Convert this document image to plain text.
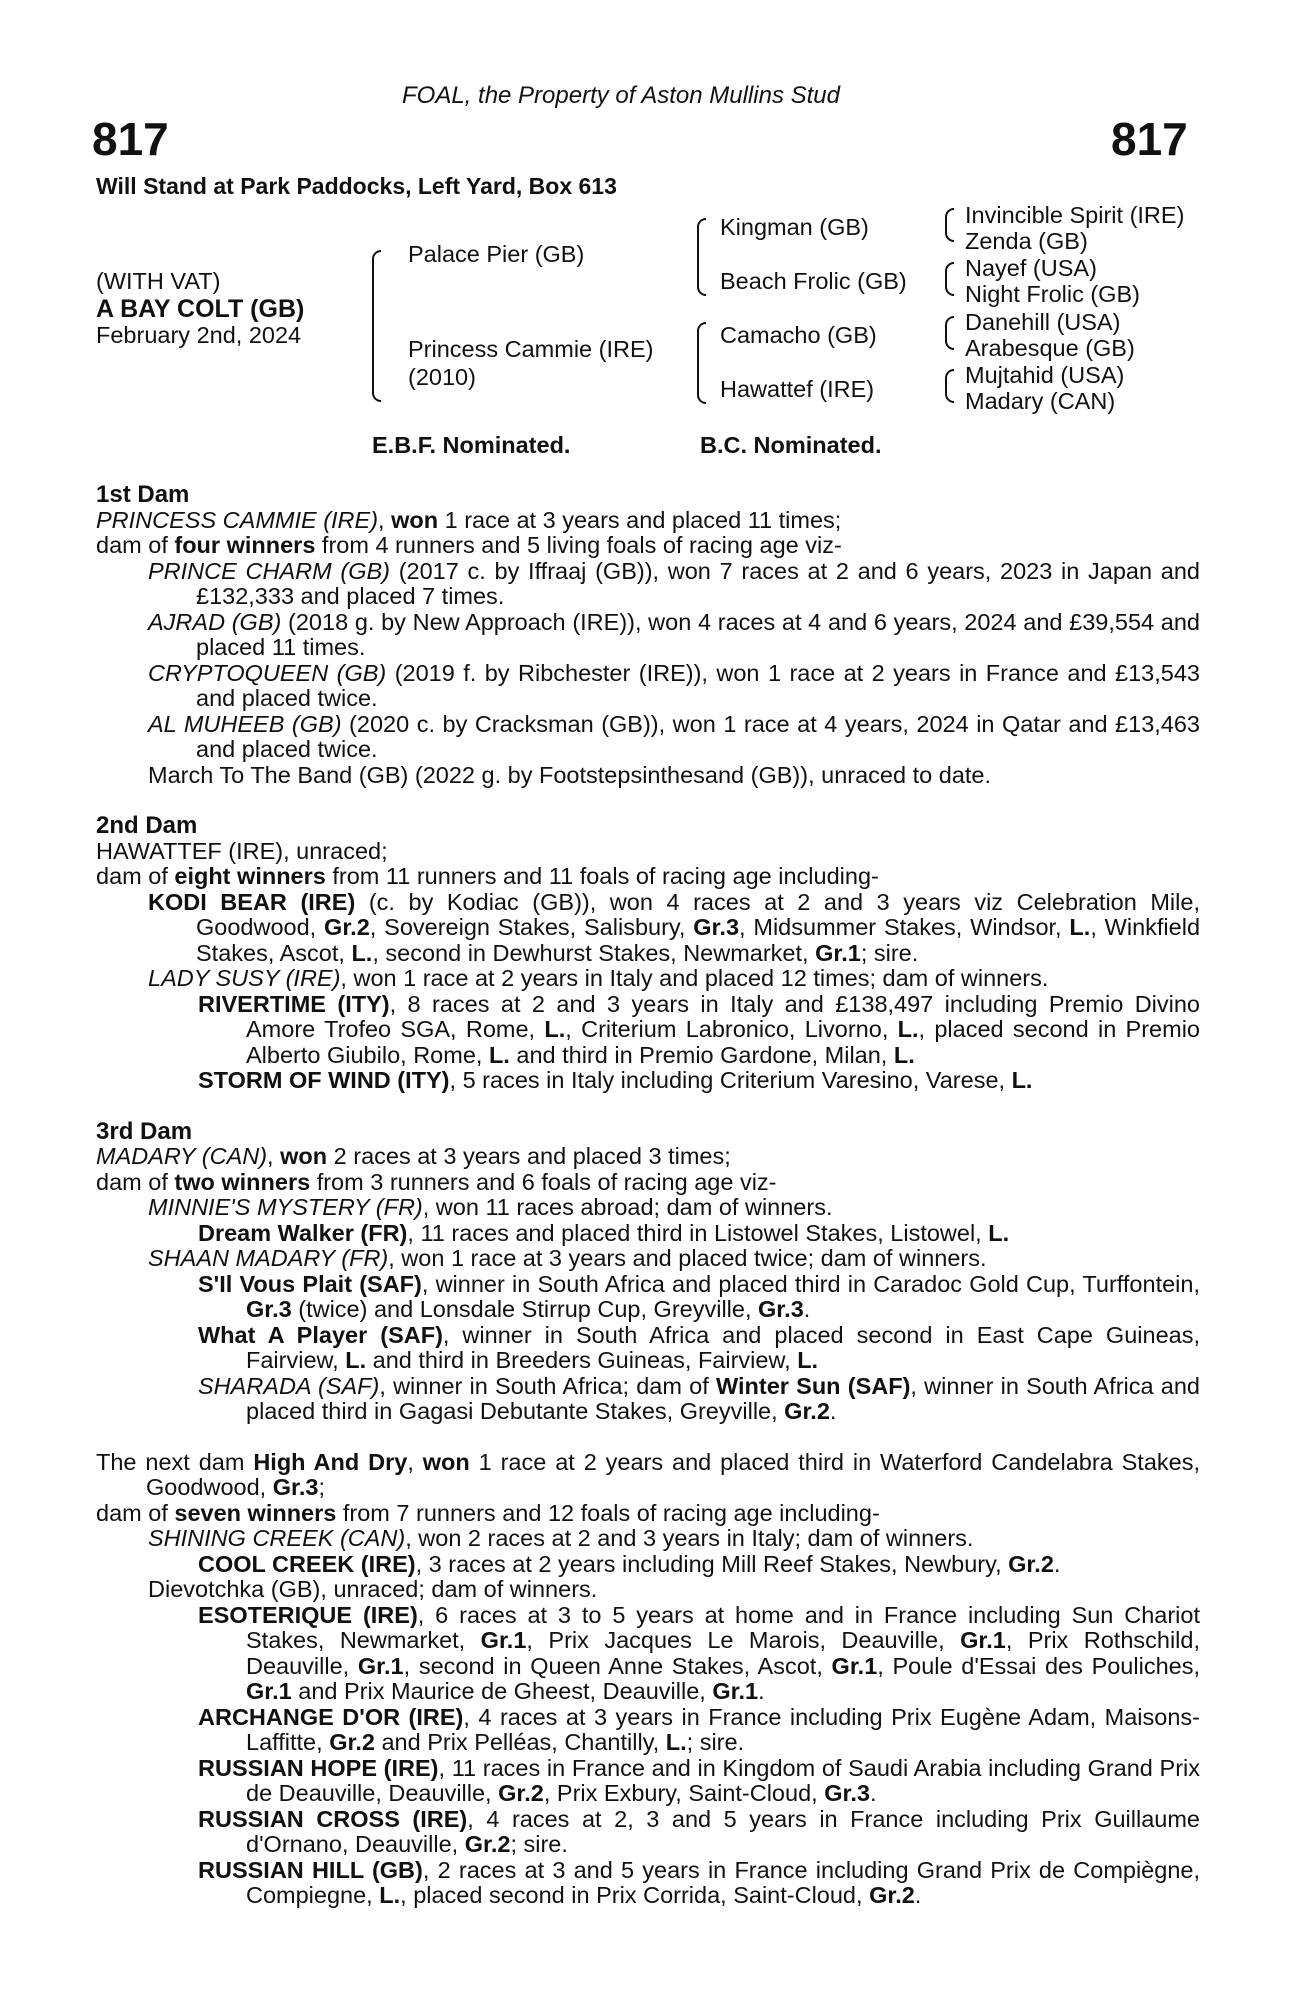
FOAL, the Property of Aston Mullins Stud
817	817
Will Stand at Park Paddocks, Left Yard, Box 613
(WITH VAT)
A BAY COLT (GB)
February 2nd, 2024
Palace Pier (GB)
Princess Cammie (IRE)
(2010)
Kingman (GB)
Beach Frolic (GB)
Camacho (GB)
Hawattef (IRE)
Invincible Spirit (IRE)
Zenda (GB)
Nayef (USA)
Night Frolic (GB)
Danehill (USA)
Arabesque (GB)
Mujtahid (USA)
Madary (CAN)
E.B.F. Nominated.	B.C. Nominated.

1st Dam

PRINCESS CAMMIE (IRE), won 1 race at 3 years and placed 11 times;

dam of four winners from 4 runners and 5 living foals of racing age viz-

PRINCE CHARM (GB) (2017 c. by Iffraaj (GB)), won 7 races at 2 and 6 years, 2023 in Japan and £132,333 and placed 7 times.

AJRAD (GB) (2018 g. by New Approach (IRE)), won 4 races at 4 and 6 years, 2024 and £39,554 and placed 11 times.

CRYPTOQUEEN (GB) (2019 f. by Ribchester (IRE)), won 1 race at 2 years in France and £13,543 and placed twice.

AL MUHEEB (GB) (2020 c. by Cracksman (GB)), won 1 race at 4 years, 2024 in Qatar and £13,463 and placed twice.

March To The Band (GB) (2022 g. by Footstepsinthesand (GB)), unraced to date.

2nd Dam

HAWATTEF (IRE), unraced;

dam of eight winners from 11 runners and 11 foals of racing age including-

KODI BEAR (IRE) (c. by Kodiac (GB)), won 4 races at 2 and 3 years viz Celebration Mile, Goodwood, Gr.2, Sovereign Stakes, Salisbury, Gr.3, Midsummer Stakes, Windsor, L., Winkfield Stakes, Ascot, L., second in Dewhurst Stakes, Newmarket, Gr.1; sire.

LADY SUSY (IRE), won 1 race at 2 years in Italy and placed 12 times; dam of winners.

RIVERTIME (ITY), 8 races at 2 and 3 years in Italy and £138,497 including Premio Divino Amore Trofeo SGA, Rome, L., Criterium Labronico, Livorno, L., placed second in Premio Alberto Giubilo, Rome, L. and third in Premio Gardone, Milan, L.

STORM OF WIND (ITY), 5 races in Italy including Criterium Varesino, Varese, L.

3rd Dam

MADARY (CAN), won 2 races at 3 years and placed 3 times;

dam of two winners from 3 runners and 6 foals of racing age viz-

MINNIE'S MYSTERY (FR), won 11 races abroad; dam of winners.

Dream Walker (FR), 11 races and placed third in Listowel Stakes, Listowel, L.

SHAAN MADARY (FR), won 1 race at 3 years and placed twice; dam of winners.

S'Il Vous Plait (SAF), winner in South Africa and placed third in Caradoc Gold Cup, Turffontein, Gr.3 (twice) and Lonsdale Stirrup Cup, Greyville, Gr.3.

What A Player (SAF), winner in South Africa and placed second in East Cape Guineas, Fairview, L. and third in Breeders Guineas, Fairview, L.

SHARADA (SAF), winner in South Africa; dam of Winter Sun (SAF), winner in South Africa and placed third in Gagasi Debutante Stakes, Greyville, Gr.2.

The next dam High And Dry, won 1 race at 2 years and placed third in Waterford Candelabra Stakes, Goodwood, Gr.3;

dam of seven winners from 7 runners and 12 foals of racing age including-

SHINING CREEK (CAN), won 2 races at 2 and 3 years in Italy; dam of winners.

COOL CREEK (IRE), 3 races at 2 years including Mill Reef Stakes, Newbury, Gr.2.

Dievotchka (GB), unraced; dam of winners.

ESOTERIQUE (IRE), 6 races at 3 to 5 years at home and in France including Sun Chariot Stakes, Newmarket, Gr.1, Prix Jacques Le Marois, Deauville, Gr.1, Prix Rothschild, Deauville, Gr.1, second in Queen Anne Stakes, Ascot, Gr.1, Poule d'Essai des Pouliches, Gr.1 and Prix Maurice de Gheest, Deauville, Gr.1.

ARCHANGE D'OR (IRE), 4 races at 3 years in France including Prix Eugène Adam, Maisons-Laffitte, Gr.2 and Prix Pelléas, Chantilly, L.; sire.

RUSSIAN HOPE (IRE), 11 races in France and in Kingdom of Saudi Arabia including Grand Prix de Deauville, Deauville, Gr.2, Prix Exbury, Saint-Cloud, Gr.3.

RUSSIAN CROSS (IRE), 4 races at 2, 3 and 5 years in France including Prix Guillaume d'Ornano, Deauville, Gr.2; sire.

RUSSIAN HILL (GB), 2 races at 3 and 5 years in France including Grand Prix de Compiègne, Compiegne, L., placed second in Prix Corrida, Saint-Cloud, Gr.2.
